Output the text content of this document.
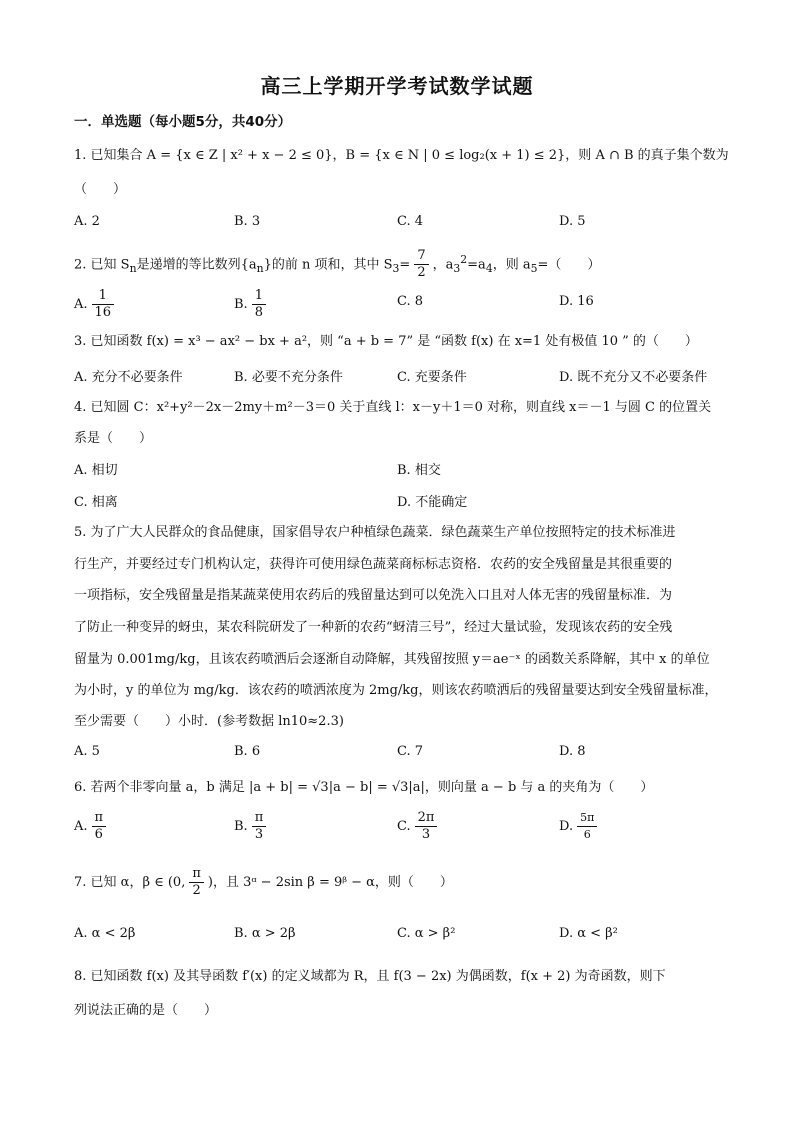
高三上学期开学考试数学试题
一．单选题（每小题5分，共40分）
1. 已知集合 A = {x ∈ Z | x² + x − 2 ≤ 0}，B = {x ∈ N | 0 ≤ log₂(x + 1) ≤ 2}，则 A ∩ B 的真子集个数为
（　　）
A. 2	B. 3	C. 4	D. 5
2. 已知 $S_n$是递增的等比数列$\{a_n\}$的前 n 项和，其中 $S_3= \frac{7}{2}$ ，$a_3^2=a_4$，则 $a_5=$（　　）
A. $\frac{1}{16}$	B. $\frac{1}{8}$	C. 8	D. 16
3. 已知函数 f(x) = x³ − ax² − bx + a²，则 “a + b = 7” 是 “函数 f(x) 在 x=1 处有极值 10 ” 的（　　）
A. 充分不必要条件	B. 必要不充分条件	C. 充要条件	D. 既不充分又不必要条件
4. 已知圆 C：x²+y²－2x－2my＋m²－3＝0 关于直线 l：x－y＋1＝0 对称，则直线 x＝－1 与圆 C 的位置关
系是（　　）
A. 相切	B. 相交
C. 相离	D. 不能确定
5. 为了广大人民群众的食品健康，国家倡导农户种植绿色蔬菜．绿色蔬菜生产单位按照特定的技术标准进
行生产，并要经过专门机构认定，获得许可使用绿色蔬菜商标标志资格．农药的安全残留量是其很重要的
一项指标，安全残留量是指某蔬菜使用农药后的残留量达到可以免洗入口且对人体无害的残留量标准．为
了防止一种变异的蚜虫，某农科院研发了一种新的农药“蚜清三号”，经过大量试验，发现该农药的安全残
留量为 0.001mg/kg，且该农药喷洒后会逐渐自动降解，其残留按照 y＝ae⁻ˣ 的函数关系降解，其中 x 的单位
为小时，y 的单位为 mg/kg．该农药的喷洒浓度为 2mg/kg，则该农药喷洒后的残留量要达到安全残留量标准，
至少需要（　　）小时．(参考数据 ln10≈2.3)
A. 5	B. 6	C. 7	D. 8
6. 若两个非零向量 a，b 满足 |a + b| = √3|a − b| = √3|a|，则向量 a − b 与 a 的夹角为（　　）
A. $\frac{\pi}{6}$	B. $\frac{\pi}{3}$	C. $\frac{2\pi}{3}$	D. $\frac{5\pi}{6}$
7. 已知 α，β ∈ (0, $\frac{\pi}{2}$ )，且 3ᵅ − 2sin β = 9ᵝ − α，则（　　）
A. α < 2β	B. α > 2β	C. α > β²	D. α < β²
8. 已知函数 f(x) 及其导函数 f′(x) 的定义域都为 R，且 f(3 − 2x) 为偶函数，f(x + 2) 为奇函数，则下
列说法正确的是（　　）
